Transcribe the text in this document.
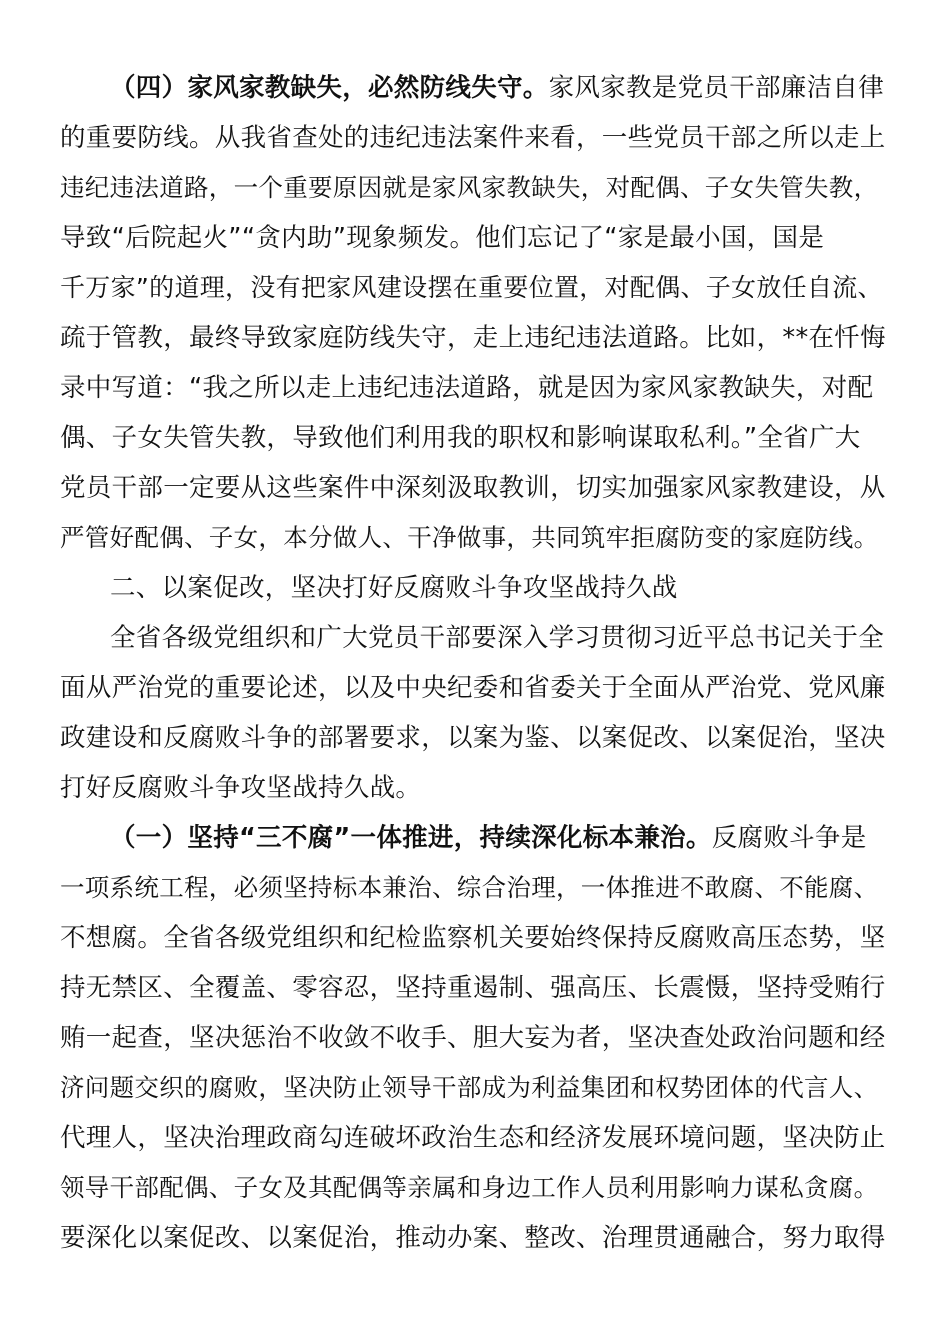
（四）家风家教缺失，必然防线失守。家风家教是党员干部廉洁自律
的重要防线。从我省查处的违纪违法案件来看，一些党员干部之所以走上
违纪违法道路，一个重要原因就是家风家教缺失，对配偶、子女失管失教，
导致“后院起火”“贪内助”现象频发。他们忘记了“家是最小国，国是
千万家”的道理，没有把家风建设摆在重要位置，对配偶、子女放任自流、
疏于管教，最终导致家庭防线失守，走上违纪违法道路。比如，**在忏悔
录中写道：“我之所以走上违纪违法道路，就是因为家风家教缺失，对配
偶、子女失管失教，导致他们利用我的职权和影响谋取私利。”全省广大
党员干部一定要从这些案件中深刻汲取教训，切实加强家风家教建设，从
严管好配偶、子女，本分做人、干净做事，共同筑牢拒腐防变的家庭防线。
二、以案促改，坚决打好反腐败斗争攻坚战持久战
全省各级党组织和广大党员干部要深入学习贯彻习近平总书记关于全
面从严治党的重要论述，以及中央纪委和省委关于全面从严治党、党风廉
政建设和反腐败斗争的部署要求，以案为鉴、以案促改、以案促治，坚决
打好反腐败斗争攻坚战持久战。
（一）坚持“三不腐”一体推进，持续深化标本兼治。反腐败斗争是
一项系统工程，必须坚持标本兼治、综合治理，一体推进不敢腐、不能腐、
不想腐。全省各级党组织和纪检监察机关要始终保持反腐败高压态势，坚
持无禁区、全覆盖、零容忍，坚持重遏制、强高压、长震慑，坚持受贿行
贿一起查，坚决惩治不收敛不收手、胆大妄为者，坚决查处政治问题和经
济问题交织的腐败，坚决防止领导干部成为利益集团和权势团体的代言人、
代理人，坚决治理政商勾连破坏政治生态和经济发展环境问题，坚决防止
领导干部配偶、子女及其配偶等亲属和身边工作人员利用影响力谋私贪腐。
要深化以案促改、以案促治，推动办案、整改、治理贯通融合，努力取得
